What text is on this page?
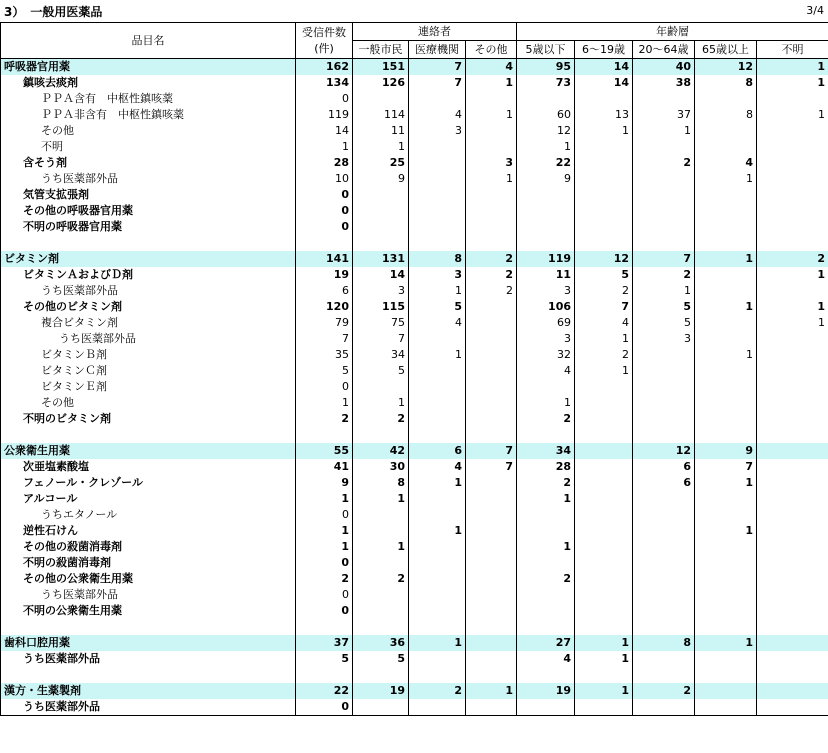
3）　一般用医薬品	3/4
品目名	受信件数
(件)	連絡者			年齢層				
		一般市民	医療機関	その他	5歳以下	6～19歳	20～64歳	65歳以上	不明
呼吸器官用薬	162	151	7	4	95	14	40	12	1
鎮咳去痰剤	134	126	7	1	73	14	38	8	1
ＰＰＡ含有　中枢性鎮咳薬	0								
ＰＰＡ非含有　中枢性鎮咳薬	119	114	4	1	60	13	37	8	1
その他	14	11	3		12	1	1		
不明	1	1			1				
含そう剤	28	25		3	22		2	4	
うち医薬部外品	10	9		1	9			1	
気管支拡張剤	0								
その他の呼吸器官用薬	0								
不明の呼吸器官用薬	0								

ビタミン剤	141	131	8	2	119	12	7	1	2
ビタミンＡおよびＤ剤	19	14	3	2	11	5	2		1
うち医薬部外品	6	3	1	2	3	2	1		
その他のビタミン剤	120	115	5		106	7	5	1	1
複合ビタミン剤	79	75	4		69	4	5		1
うち医薬部外品	7	7			3	1	3		
ビタミンＢ剤	35	34	1		32	2		1	
ビタミンＣ剤	5	5			4	1			
ビタミンＥ剤	0								
その他	1	1			1				
不明のビタミン剤	2	2			2				

公衆衛生用薬	55	42	6	7	34		12	9	
次亜塩素酸塩	41	30	4	7	28		6	7	
フェノール・クレゾール	9	8	1		2		6	1	
アルコール	1	1			1				
うちエタノール	0								
逆性石けん	1		1					1	
その他の殺菌消毒剤	1	1			1				
不明の殺菌消毒剤	0								
その他の公衆衛生用薬	2	2			2				
うち医薬部外品	0								
不明の公衆衛生用薬	0								

歯科口腔用薬	37	36	1		27	1	8	1	
うち医薬部外品	5	5			4	1			

漢方・生薬製剤	22	19	2	1	19	1	2		
うち医薬部外品	0								
